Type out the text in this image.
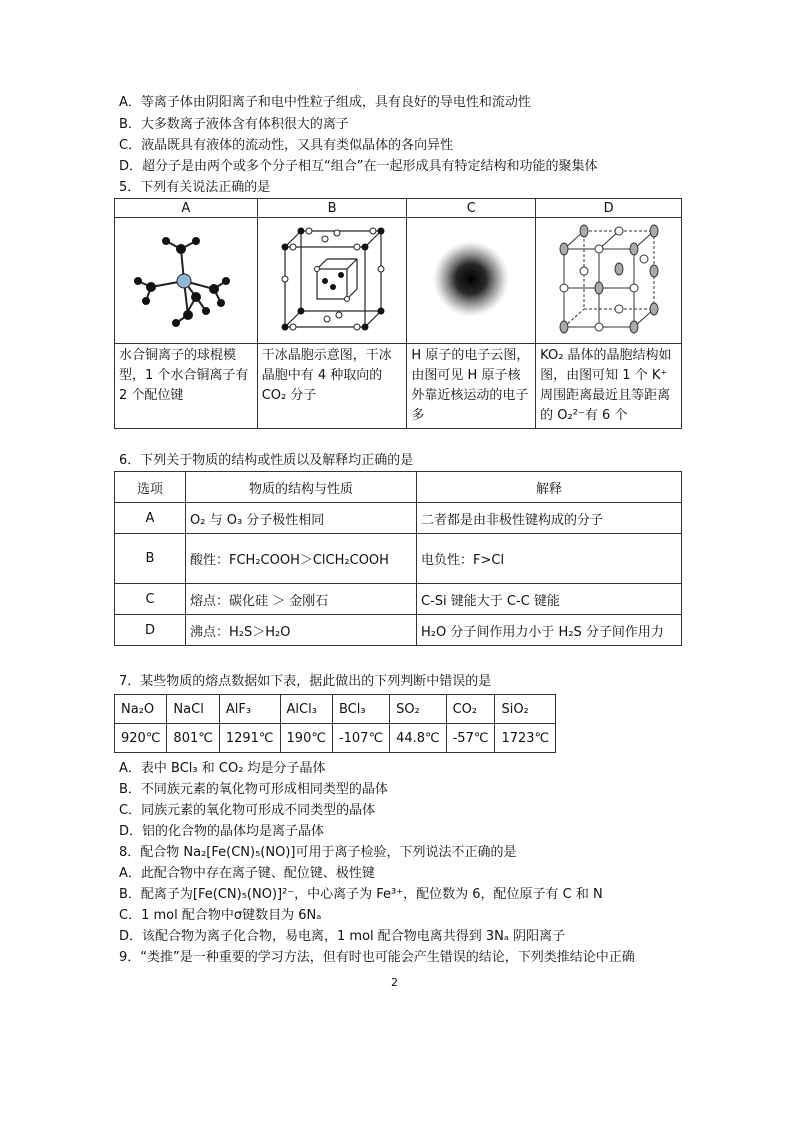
A．等离子体由阴阳离子和电中性粒子组成，具有良好的导电性和流动性
B．大多数离子液体含有体积很大的离子
C．液晶既具有液体的流动性，又具有类似晶体的各向异性
D．超分子是由两个或多个分子相互“组合”在一起形成具有特定结构和功能的聚集体
5．下列有关说法正确的是
A	B	C	D

水合铜离子的球棍模型，1 个水合铜离子有 2 个配位键	干冰晶胞示意图，干冰晶胞中有 4 种取向的 CO₂ 分子	H 原子的电子云图，由图可见 H 原子核外靠近核运动的电子多	KO₂ 晶体的晶胞结构如图，由图可知 1 个 K⁺周围距离最近且等距离的 O₂²⁻有 6 个
6．下列关于物质的结构或性质以及解释均正确的是
选项	物质的结构与性质	解释
A	O₂ 与 O₃ 分子极性相同	二者都是由非极性键构成的分子
B	酸性：FCH₂COOH＞ClCH₂COOH	电负性：F>Cl
C	熔点：碳化硅 ＞ 金刚石	C-Si 键能大于 C-C 键能
D	沸点：H₂S＞H₂O	H₂O 分子间作用力小于 H₂S 分子间作用力
7．某些物质的熔点数据如下表，据此做出的下列判断中错误的是
Na₂O	NaCl	AlF₃	AlCl₃	BCl₃	SO₂	CO₂	SiO₂
920℃	801℃	1291℃	190℃	-107℃	44.8℃	-57℃	1723℃
A．表中 BCl₃ 和 CO₂ 均是分子晶体
B．不同族元素的氧化物可形成相同类型的晶体
C．同族元素的氧化物可形成不同类型的晶体
D．铝的化合物的晶体均是离子晶体
8．配合物 Na₂[Fe(CN)₅(NO)]可用于离子检验，下列说法不正确的是
A．此配合物中存在离子键、配位键、极性键
B．配离子为[Fe(CN)₅(NO)]²⁻，中心离子为 Fe³⁺，配位数为 6，配位原子有 C 和 N
C．1 mol 配合物中σ键数目为 6Nₐ
D．该配合物为离子化合物，易电离，1 mol 配合物电离共得到 3Nₐ 阴阳离子
9．“类推”是一种重要的学习方法，但有时也可能会产生错误的结论，下列类推结论中正确
2
